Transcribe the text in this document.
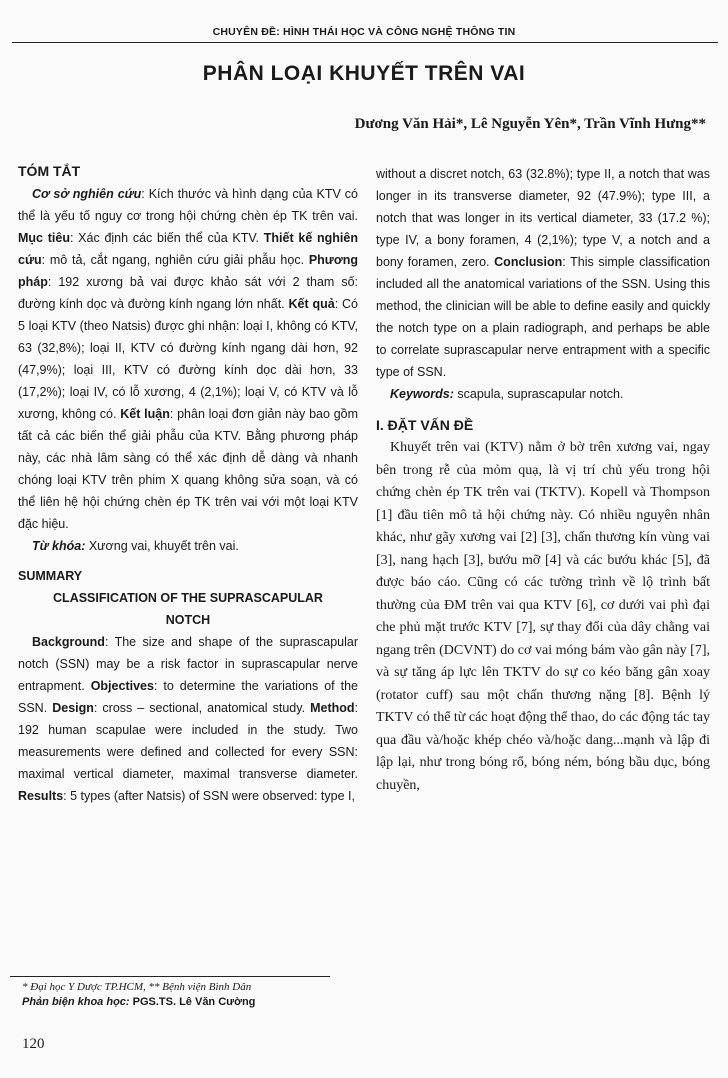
CHUYÊN ĐỀ: HÌNH THÁI HỌC VÀ CÔNG NGHỆ THÔNG TIN
PHÂN LOẠI KHUYẾT TRÊN VAI
Dương Văn Hải*, Lê Nguyễn Yên*, Trần Vĩnh Hưng**
TÓM TẮT

Cơ sở nghiên cứu: Kích thước và hình dạng của KTV có thể là yếu tố nguy cơ trong hội chứng chèn ép TK trên vai. Mục tiêu: Xác định các biến thể của KTV. Thiết kế nghiên cứu: mô tả, cắt ngang, nghiên cứu giải phẫu học. Phương pháp: 192 xương bả vai được khảo sát với 2 tham số: đường kính dọc và đường kính ngang lớn nhất. Kết quả: Có 5 loại KTV (theo Natsis) được ghi nhận: loại I, không có KTV, 63 (32,8%); loại II, KTV có đường kính ngang dài hơn, 92 (47,9%); loại III, KTV có đường kính dọc dài hơn, 33 (17,2%); loại IV, có lỗ xương, 4 (2,1%); loại V, có KTV và lỗ xương, không có. Kết luận: phân loại đơn giản này bao gồm tất cả các biến thể giải phẫu của KTV. Bằng phương pháp này, các nhà lâm sàng có thể xác định dễ dàng và nhanh chóng loại KTV trên phim X quang không sửa soạn, và có thể liên hệ hội chứng chèn ép TK trên vai với một loại KTV đặc hiệu.

Từ khóa: Xương vai, khuyết trên vai.

SUMMARY
CLASSIFICATION OF THE SUPRASCAPULAR NOTCH

Background: The size and shape of the suprascapular notch (SSN) may be a risk factor in suprascapular nerve entrapment. Objectives: to determine the variations of the SSN. Design: cross – sectional, anatomical study. Method: 192 human scapulae were included in the study. Two measurements were defined and collected for every SSN: maximal vertical diameter, maximal transverse diameter. Results: 5 types (after Natsis) of SSN were observed: type I,

without a discret notch, 63 (32.8%); type II, a notch that was longer in its transverse diameter, 92 (47.9%); type III, a notch that was longer in its vertical diameter, 33 (17.2 %); type IV, a bony foramen, 4 (2,1%); type V, a notch and a bony foramen, zero. Conclusion: This simple classification included all the anatomical variations of the SSN. Using this method, the clinician will be able to define easily and quickly the notch type on a plain radiograph, and perhaps be able to correlate suprascapular nerve entrapment with a specific type of SSN.

Keywords: scapula, suprascapular notch.

I. ĐẶT VẤN ĐỀ

Khuyết trên vai (KTV) nằm ở bờ trên xương vai, ngay bên trong rễ của mỏm quạ, là vị trí chủ yếu trong hội chứng chèn ép TK trên vai (TKTV). Kopell và Thompson [1] đầu tiên mô tả hội chứng này. Có nhiều nguyên nhân khác, như gãy xương vai [2] [3], chấn thương kín vùng vai [3], nang hạch [3], bướu mỡ [4] và các bướu khác [5], đã được báo cáo. Cũng có các tường trình về lộ trình bất thường của ĐM trên vai qua KTV [6], cơ dưới vai phì đại che phủ mặt trước KTV [7], sự thay đổi của dây chằng vai ngang trên (DCVNT) do cơ vai móng bám vào gân này [7], và sự tăng áp lực lên TKTV do sự co kéo băng gân xoay (rotator cuff) sau một chấn thương nặng [8]. Bệnh lý TKTV có thể từ các hoạt động thể thao, do các động tác tay qua đầu và/hoặc khép chéo và/hoặc dang...mạnh và lập đi lập lại, như trong bóng rổ, bóng ném, bóng bầu dục, bóng chuyền,

* Đại học Y Dược TP.HCM, ** Bệnh viện Bình Dân
Phản biện khoa học: PGS.TS. Lê Văn Cường
120
